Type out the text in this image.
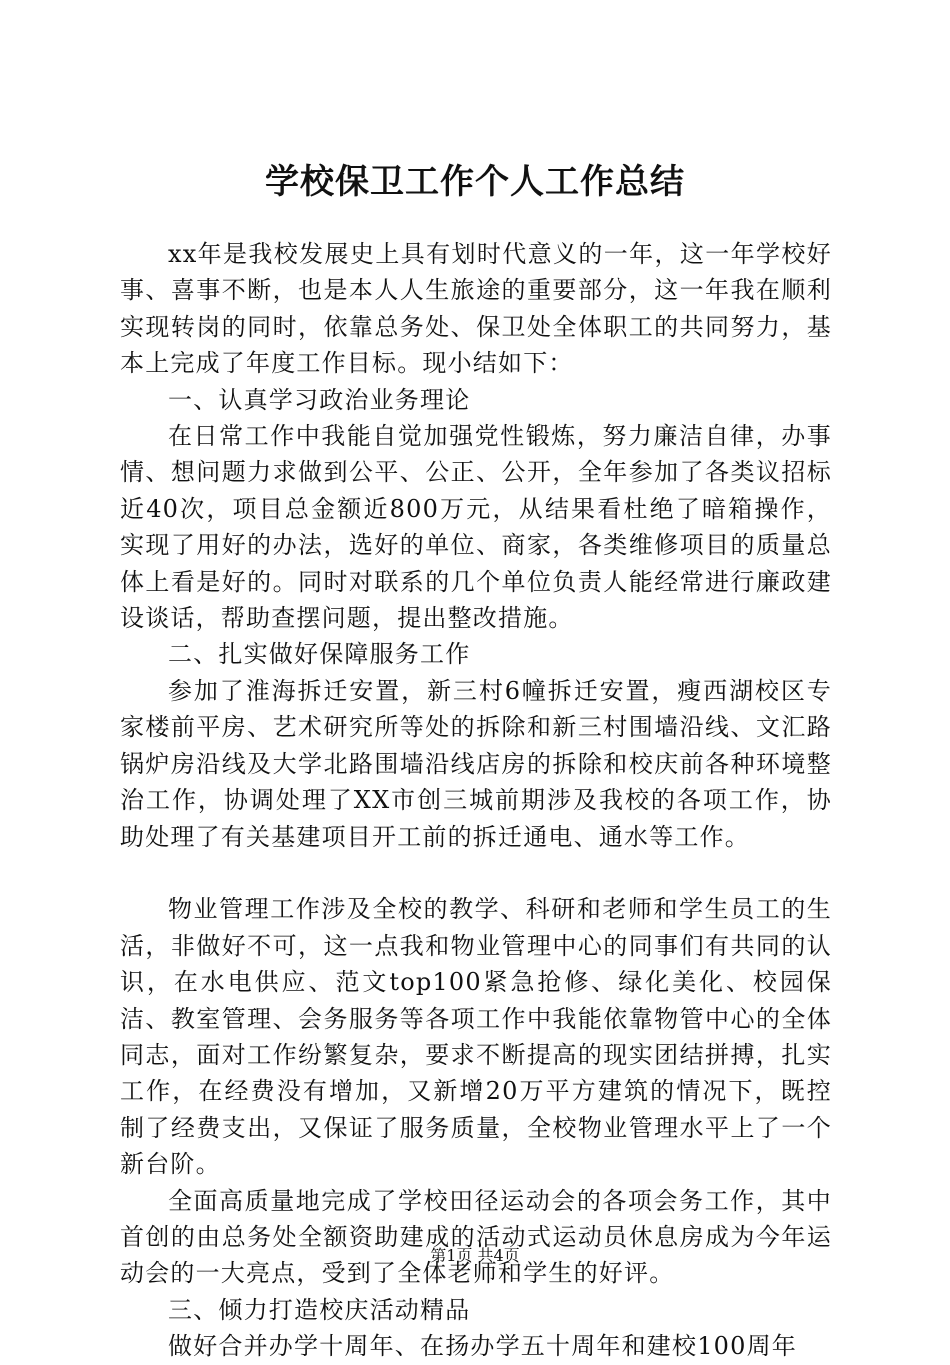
学校保卫工作个人工作总结

xx年是我校发展史上具有划时代意义的一年，这一年学校好事、喜事不断，也是本人人生旅途的重要部分，这一年我在顺利实现转岗的同时，依靠总务处、保卫处全体职工的共同努力，基本上完成了年度工作目标。现小结如下：

一、认真学习政治业务理论

在日常工作中我能自觉加强党性锻炼，努力廉洁自律，办事情、想问题力求做到公平、公正、公开，全年参加了各类议招标近40次，项目总金额近800万元，从结果看杜绝了暗箱操作，实现了用好的办法，选好的单位、商家，各类维修项目的质量总体上看是好的。同时对联系的几个单位负责人能经常进行廉政建设谈话，帮助查摆问题，提出整改措施。

二、扎实做好保障服务工作

参加了淮海拆迁安置，新三村6幢拆迁安置，瘦西湖校区专家楼前平房、艺术研究所等处的拆除和新三村围墙沿线、文汇路锅炉房沿线及大学北路围墙沿线店房的拆除和校庆前各种环境整治工作，协调处理了XX市创三城前期涉及我校的各项工作，协助处理了有关基建项目开工前的拆迁通电、通水等工作。

物业管理工作涉及全校的教学、科研和老师和学生员工的生活，非做好不可，这一点我和物业管理中心的同事们有共同的认识，在水电供应、范文top100紧急抢修、绿化美化、校园保洁、教室管理、会务服务等各项工作中我能依靠物管中心的全体同志，面对工作纷繁复杂，要求不断提高的现实团结拼搏，扎实工作，在经费没有增加，又新增20万平方建筑的情况下，既控制了经费支出，又保证了服务质量，全校物业管理水平上了一个新台阶。

全面高质量地完成了学校田径运动会的各项会务工作，其中首创的由总务处全额资助建成的活动式运动员休息房成为今年运动会的一大亮点，受到了全体老师和学生的好评。

三、倾力打造校庆活动精品

做好合并办学十周年、在扬办学五十周年和建校100周年

第1页 共4页
